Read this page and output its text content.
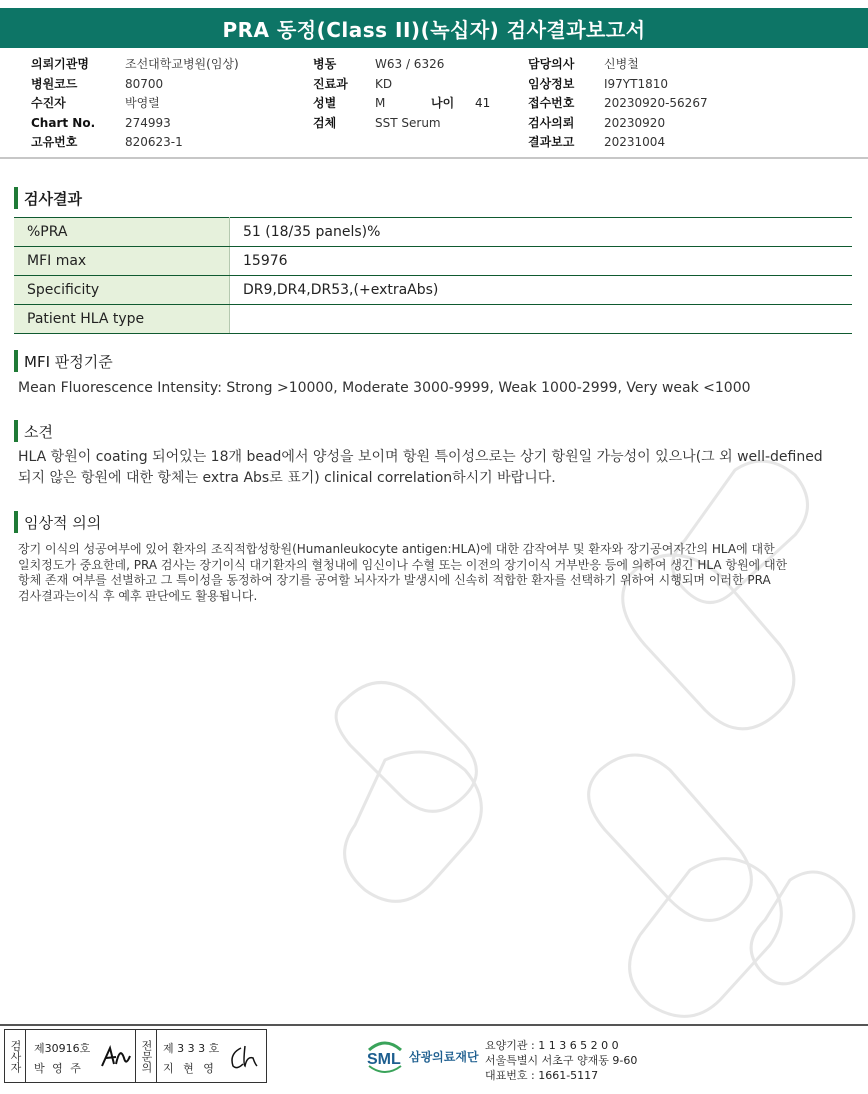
PRA 동정(Class II)(녹십자) 검사결과보고서
의뢰기관명	조선대학교병원(임상)
병원코드	80700
수진자	박영렬
Chart No.	274993
고유번호	820623-1
병동	W63 / 6326
진료과	KD
성별	M	나이 41
검체	SST Serum
담당의사	신병철
임상정보	I97YT1810
접수번호	20230920-56267
검사의뢰	20230920
결과보고	20231004
검사결과
%PRA	51 (18/35 panels)%
MFI max	15976
Specificity	DR9,DR4,DR53,(+extraAbs)
Patient HLA type	
MFI 판정기준
Mean Fluorescence Intensity: Strong >10000, Moderate 3000-9999, Weak 1000-2999, Very weak <1000
소견
HLA 항원이 coating 되어있는 18개 bead에서 양성을 보이며 항원 특이성으로는 상기 항원일 가능성이 있으나(그 외 well-defined
되지 않은 항원에 대한 항체는 extra Abs로 표기) clinical correlation하시기 바랍니다.
임상적 의의
장기 이식의 성공여부에 있어 환자의 조직적합성항원(Humanleukocyte antigen:HLA)에 대한 감작여부 및 환자와 장기공여자간의 HLA에 대한
일치정도가 중요한데, PRA 검사는 장기이식 대기환자의 혈청내에 임신이나 수혈 또는 이전의 장기이식 거부반응 등에 의하여 생긴 HLA 항원에 대한
항체 존재 여부를 선별하고 그 특이성을 동정하여 장기를 공여할 뇌사자가 발생시에 신속히 적합한 환자를 선택하기 위하여 시행되며 이러한 PRA
검사결과는이식 후 예후 판단에도 활용됩니다.
검사자 제30916호
박 영 주	전문의 제 3 3 3 호
지 현 영
SML 삼광의료재단
요양기관 : 1 1 3 6 5 2 0 0
서울특별시 서초구 양재동 9-60
대표번호 : 1661-5117
